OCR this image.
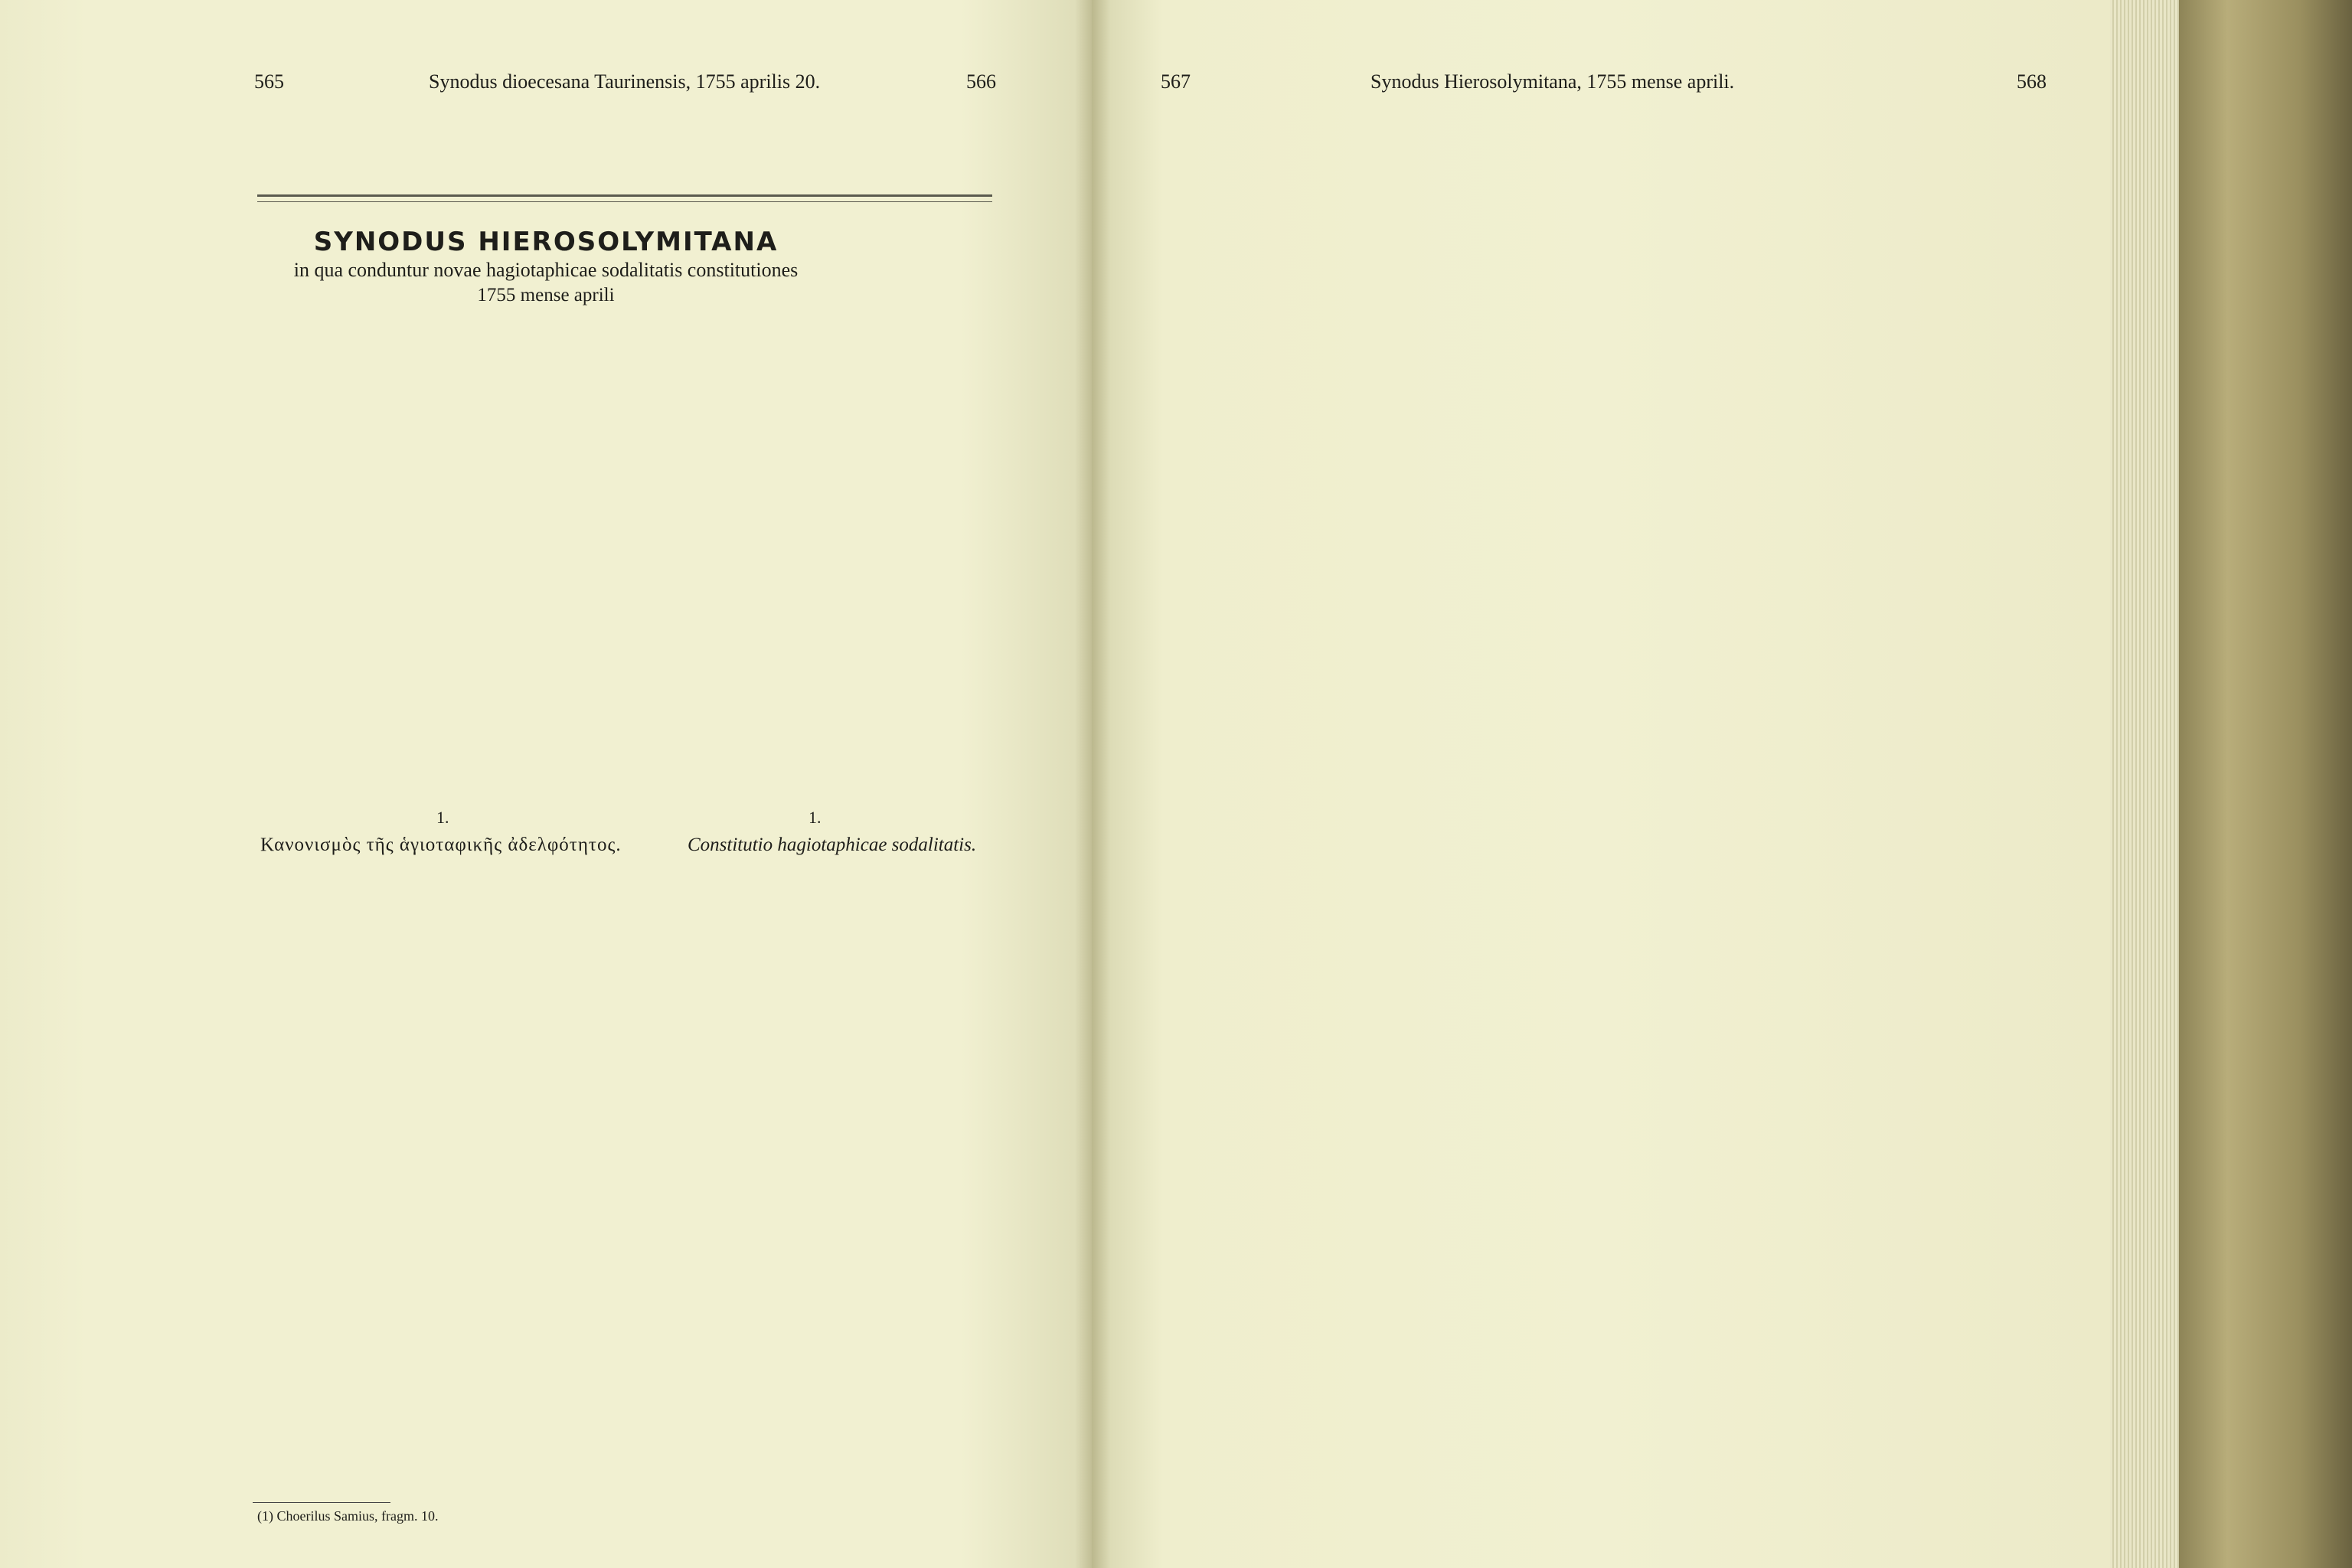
565	Synodus dioecesana Taurinensis, 1755 aprilis 20.	566
SYNODUS HIEROSOLYMITANA
in qua conduntur novae hagiotaphicae sodalitatis constitutiones
1755 mense aprili
1.	1.
Κανονισμὸς τῆς ἁγιοταφικῆς ἀδελφότητος.	Constitutio hagiotaphicae sodalitatis.
(1) Choerilus Samius, fragm. 10.
567	Synodus Hierosolymitana, 1755 mense aprili.	568
